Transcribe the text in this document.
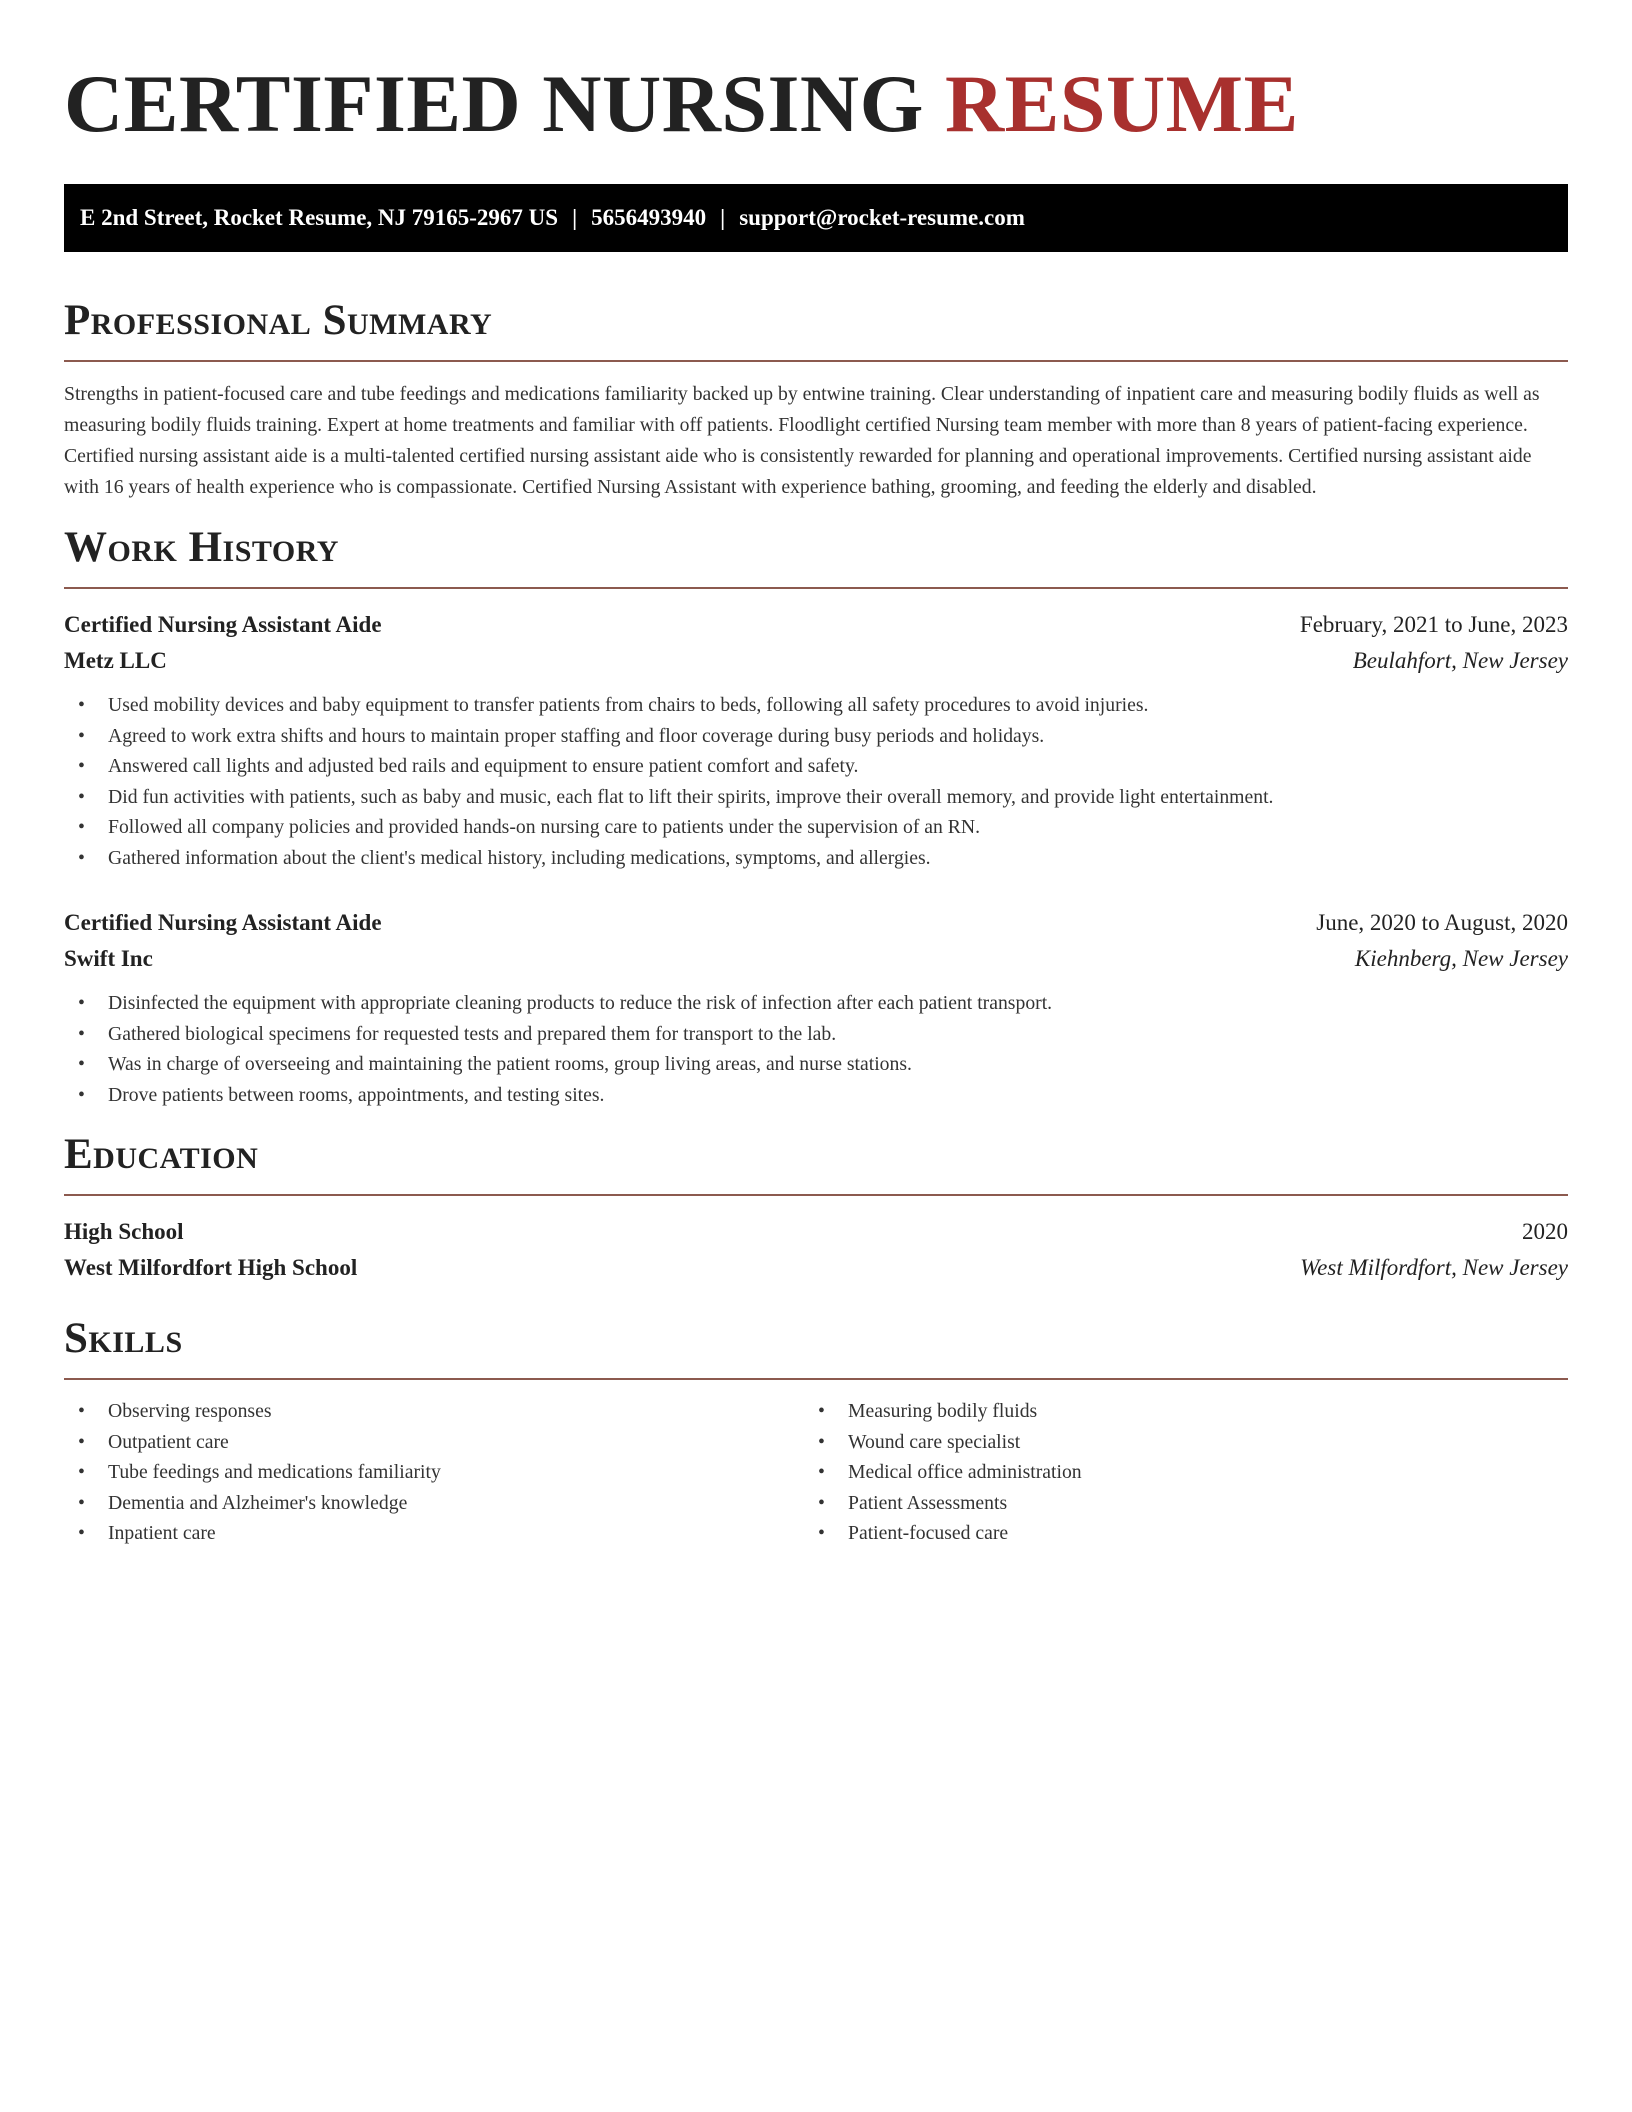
CERTIFIED NURSING RESUME
E 2nd Street, Rocket Resume, NJ 79165-2967 US | 5656493940 | support@rocket-resume.com
Professional Summary

Strengths in patient-focused care and tube feedings and medications familiarity backed up by entwine training. Clear understanding of inpatient care and measuring bodily fluids as well as measuring bodily fluids training. Expert at home treatments and familiar with off patients. Floodlight certified Nursing team member with more than 8 years of patient-facing experience. Certified nursing assistant aide is a multi-talented certified nursing assistant aide who is consistently rewarded for planning and operational improvements. Certified nursing assistant aide with 16 years of health experience who is compassionate. Certified Nursing Assistant with experience bathing, grooming, and feeding the elderly and disabled.

Work History
Certified Nursing Assistant Aide	February, 2021 to June, 2023
Metz LLC	Beulahfort, New Jersey
• Used mobility devices and baby equipment to transfer patients from chairs to beds, following all safety procedures to avoid injuries.
• Agreed to work extra shifts and hours to maintain proper staffing and floor coverage during busy periods and holidays.
• Answered call lights and adjusted bed rails and equipment to ensure patient comfort and safety.
• Did fun activities with patients, such as baby and music, each flat to lift their spirits, improve their overall memory, and provide light entertainment.
• Followed all company policies and provided hands-on nursing care to patients under the supervision of an RN.
• Gathered information about the client's medical history, including medications, symptoms, and allergies.
Certified Nursing Assistant Aide	June, 2020 to August, 2020
Swift Inc	Kiehnberg, New Jersey
• Disinfected the equipment with appropriate cleaning products to reduce the risk of infection after each patient transport.
• Gathered biological specimens for requested tests and prepared them for transport to the lab.
• Was in charge of overseeing and maintaining the patient rooms, group living areas, and nurse stations.
• Drove patients between rooms, appointments, and testing sites.
Education
High School	2020
West Milfordfort High School	West Milfordfort, New Jersey
Skills
• Observing responses
• Outpatient care
• Tube feedings and medications familiarity
• Dementia and Alzheimer's knowledge
• Inpatient care
• Measuring bodily fluids
• Wound care specialist
• Medical office administration
• Patient Assessments
• Patient-focused care
